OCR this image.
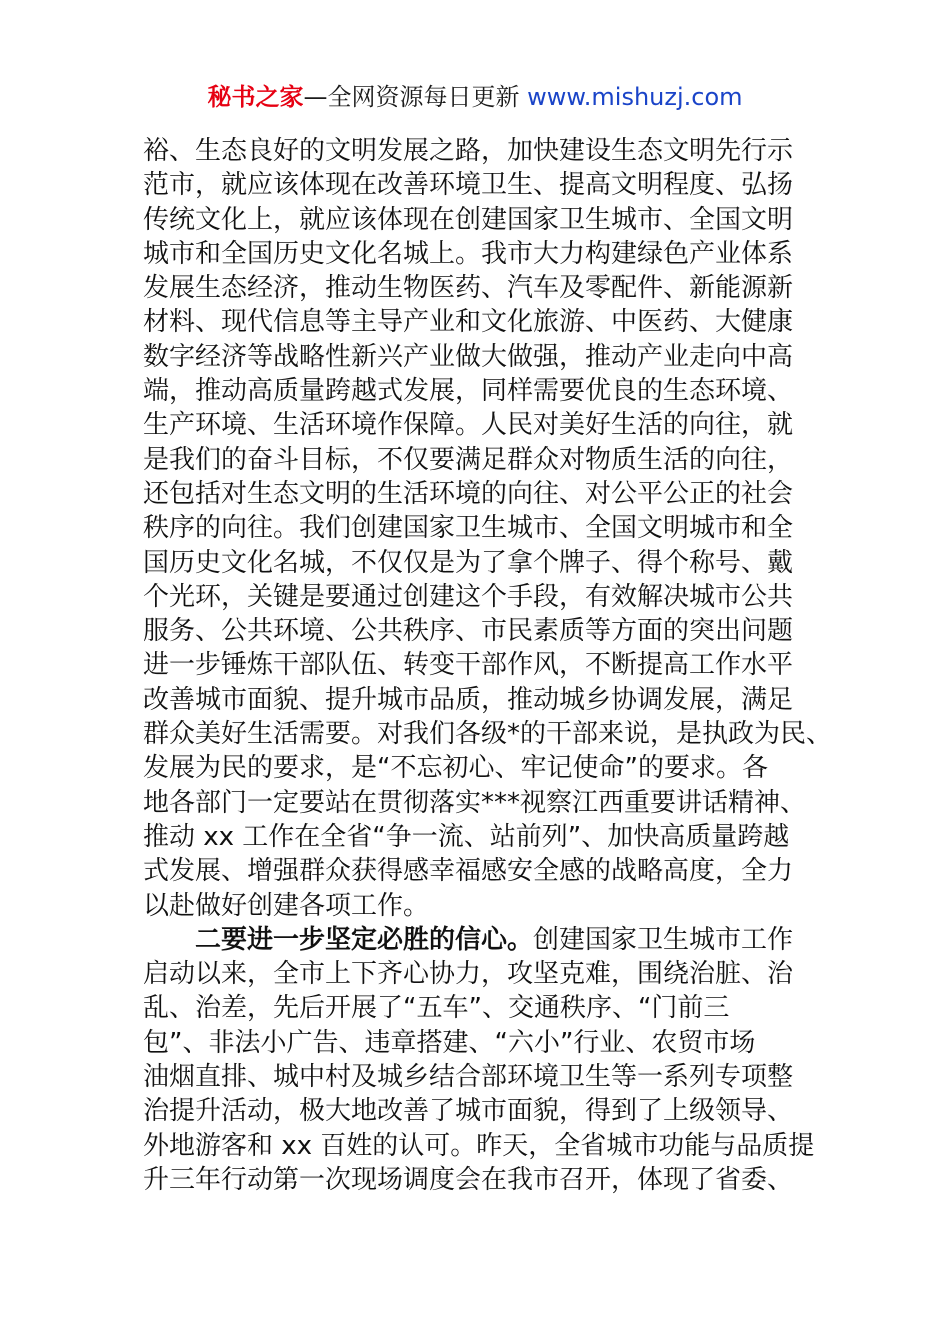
秘书之家—全网资源每日更新 www.mishuzj.com
裕、生态良好的文明发展之路，加快建设生态文明先行示
范市，就应该体现在改善环境卫生、提高文明程度、弘扬
传统文化上，就应该体现在创建国家卫生城市、全国文明
城市和全国历史文化名城上。我市大力构建绿色产业体系
发展生态经济，推动生物医药、汽车及零配件、新能源新
材料、现代信息等主导产业和文化旅游、中医药、大健康
数字经济等战略性新兴产业做大做强，推动产业走向中高
端，推动高质量跨越式发展，同样需要优良的生态环境、
生产环境、生活环境作保障。人民对美好生活的向往，就
是我们的奋斗目标，不仅要满足群众对物质生活的向往，
还包括对生态文明的生活环境的向往、对公平公正的社会
秩序的向往。我们创建国家卫生城市、全国文明城市和全
国历史文化名城，不仅仅是为了拿个牌子、得个称号、戴
个光环，关键是要通过创建这个手段，有效解决城市公共
服务、公共环境、公共秩序、市民素质等方面的突出问题
进一步锤炼干部队伍、转变干部作风，不断提高工作水平
改善城市面貌、提升城市品质，推动城乡协调发展，满足
群众美好生活需要。对我们各级*的干部来说，是执政为民、
发展为民的要求，是“不忘初心、牢记使命”的要求。各
地各部门一定要站在贯彻落实***视察江西重要讲话精神、
推动 xx 工作在全省“争一流、站前列”、加快高质量跨越
式发展、增强群众获得感幸福感安全感的战略高度，全力
以赴做好创建各项工作。
二要进一步坚定必胜的信心。创建国家卫生城市工作
启动以来，全市上下齐心协力，攻坚克难，围绕治脏、治
乱、治差，先后开展了“五车”、交通秩序、“门前三
包”、非法小广告、违章搭建、“六小”行业、农贸市场
油烟直排、城中村及城乡结合部环境卫生等一系列专项整
治提升活动，极大地改善了城市面貌，得到了上级领导、
外地游客和 xx 百姓的认可。昨天，全省城市功能与品质提
升三年行动第一次现场调度会在我市召开，体现了省委、
